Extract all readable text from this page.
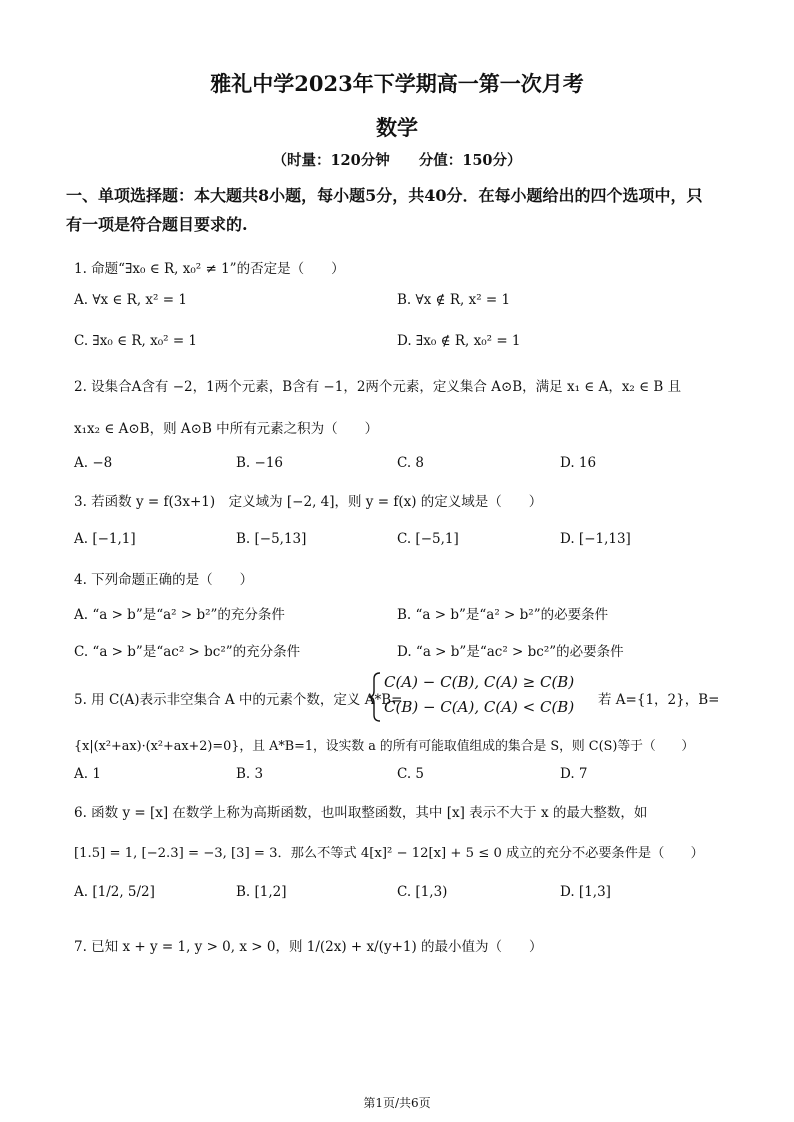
雅礼中学2023年下学期高一第一次月考
数学
（时量：120分钟　　分值：150分）
一、单项选择题：本大题共8小题，每小题5分，共40分．在每小题给出的四个选项中，只
有一项是符合题目要求的.
1. 命题“∃x₀ ∈ R, x₀² ≠ 1”的否定是（　　）
A. ∀x ∈ R, x² = 1	B. ∀x ∉ R, x² = 1
C. ∃x₀ ∈ R, x₀² = 1	D. ∃x₀ ∉ R, x₀² = 1
2. 设集合A含有 −2，1两个元素，B含有 −1，2两个元素，定义集合 A⊙B，满足 x₁ ∈ A，x₂ ∈ B 且
x₁x₂ ∈ A⊙B，则 A⊙B 中所有元素之积为（　　）
A. −8	B. −16	C. 8	D. 16
3. 若函数 y = f(3x+1)　定义域为 [−2, 4]，则 y = f(x) 的定义域是（　　）
A. [−1,1]	B. [−5,13]	C. [−5,1]	D. [−1,13]
4. 下列命题正确的是（　　）
A. “a > b”是“a² > b²”的充分条件	B. “a > b”是“a² > b²”的必要条件
C. “a > b”是“ac² > bc²”的充分条件	D. “a > b”是“ac² > bc²”的必要条件
5. 用 C(A)表示非空集合 A 中的元素个数，定义 A*B=
C(A) − C(B), C(A) ≥ C(B)
C(B) − C(A), C(A) < C(B) 若 A={1，2}，B=
{x|(x²+ax)·(x²+ax+2)=0}，且 A*B=1，设实数 a 的所有可能取值组成的集合是 S，则 C(S)等于（　　）
A. 1	B. 3	C. 5	D. 7
6. 函数 y = [x] 在数学上称为高斯函数，也叫取整函数，其中 [x] 表示不大于 x 的最大整数，如
[1.5] = 1, [−2.3] = −3, [3] = 3．那么不等式 4[x]² − 12[x] + 5 ≤ 0 成立的充分不必要条件是（　　）
A. [1/2, 5/2]	B. [1,2]	C. [1,3)	D. [1,3]
7. 已知 x + y = 1, y > 0, x > 0，则 1/(2x) + x/(y+1) 的最小值为（　　）
第1页/共6页
